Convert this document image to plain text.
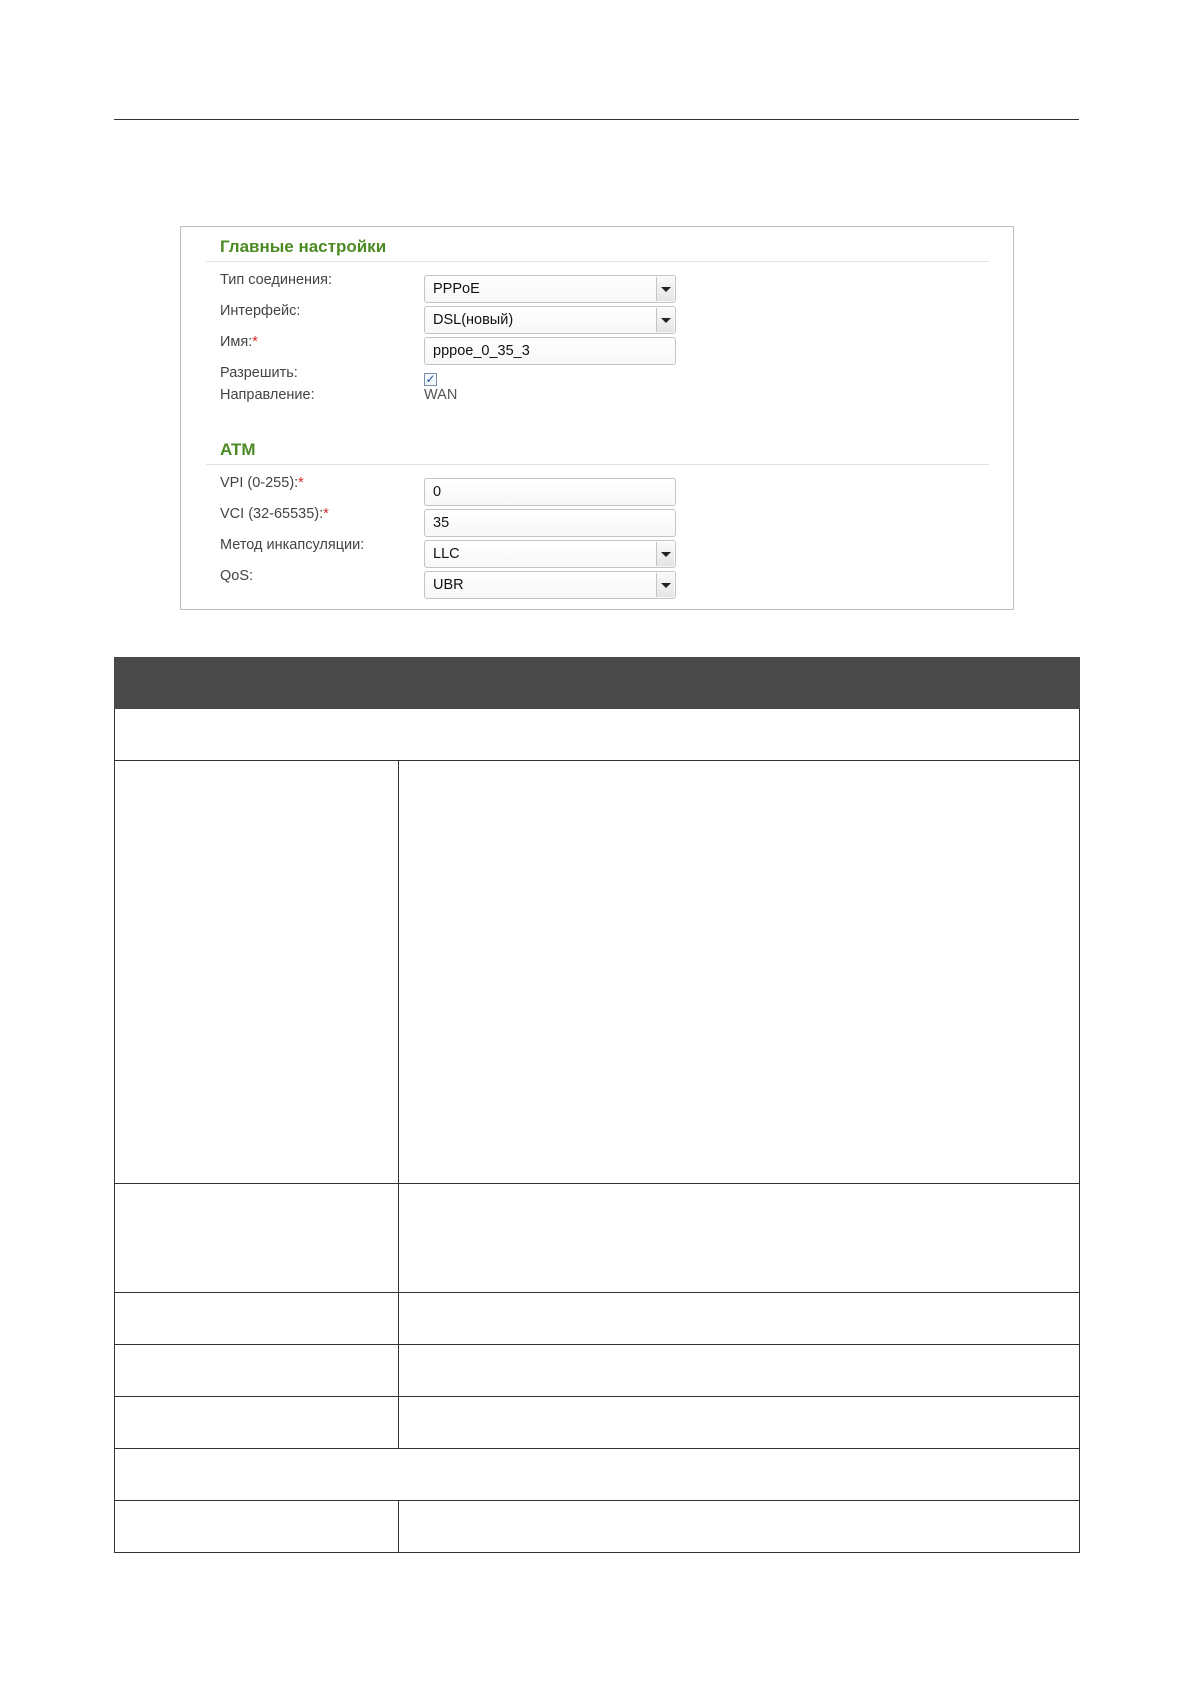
Главные настройки
Тип соединения:
PPPoE
Интерфейс:
DSL(новый)
Имя:*
pppoe_0_35_3
Разрешить:	✓
Направление:	WAN
ATM
VPI (0-255):*
0
VCI (32-65535):*
35
Метод инкапсуляции:
LLC
QoS:
UBR
